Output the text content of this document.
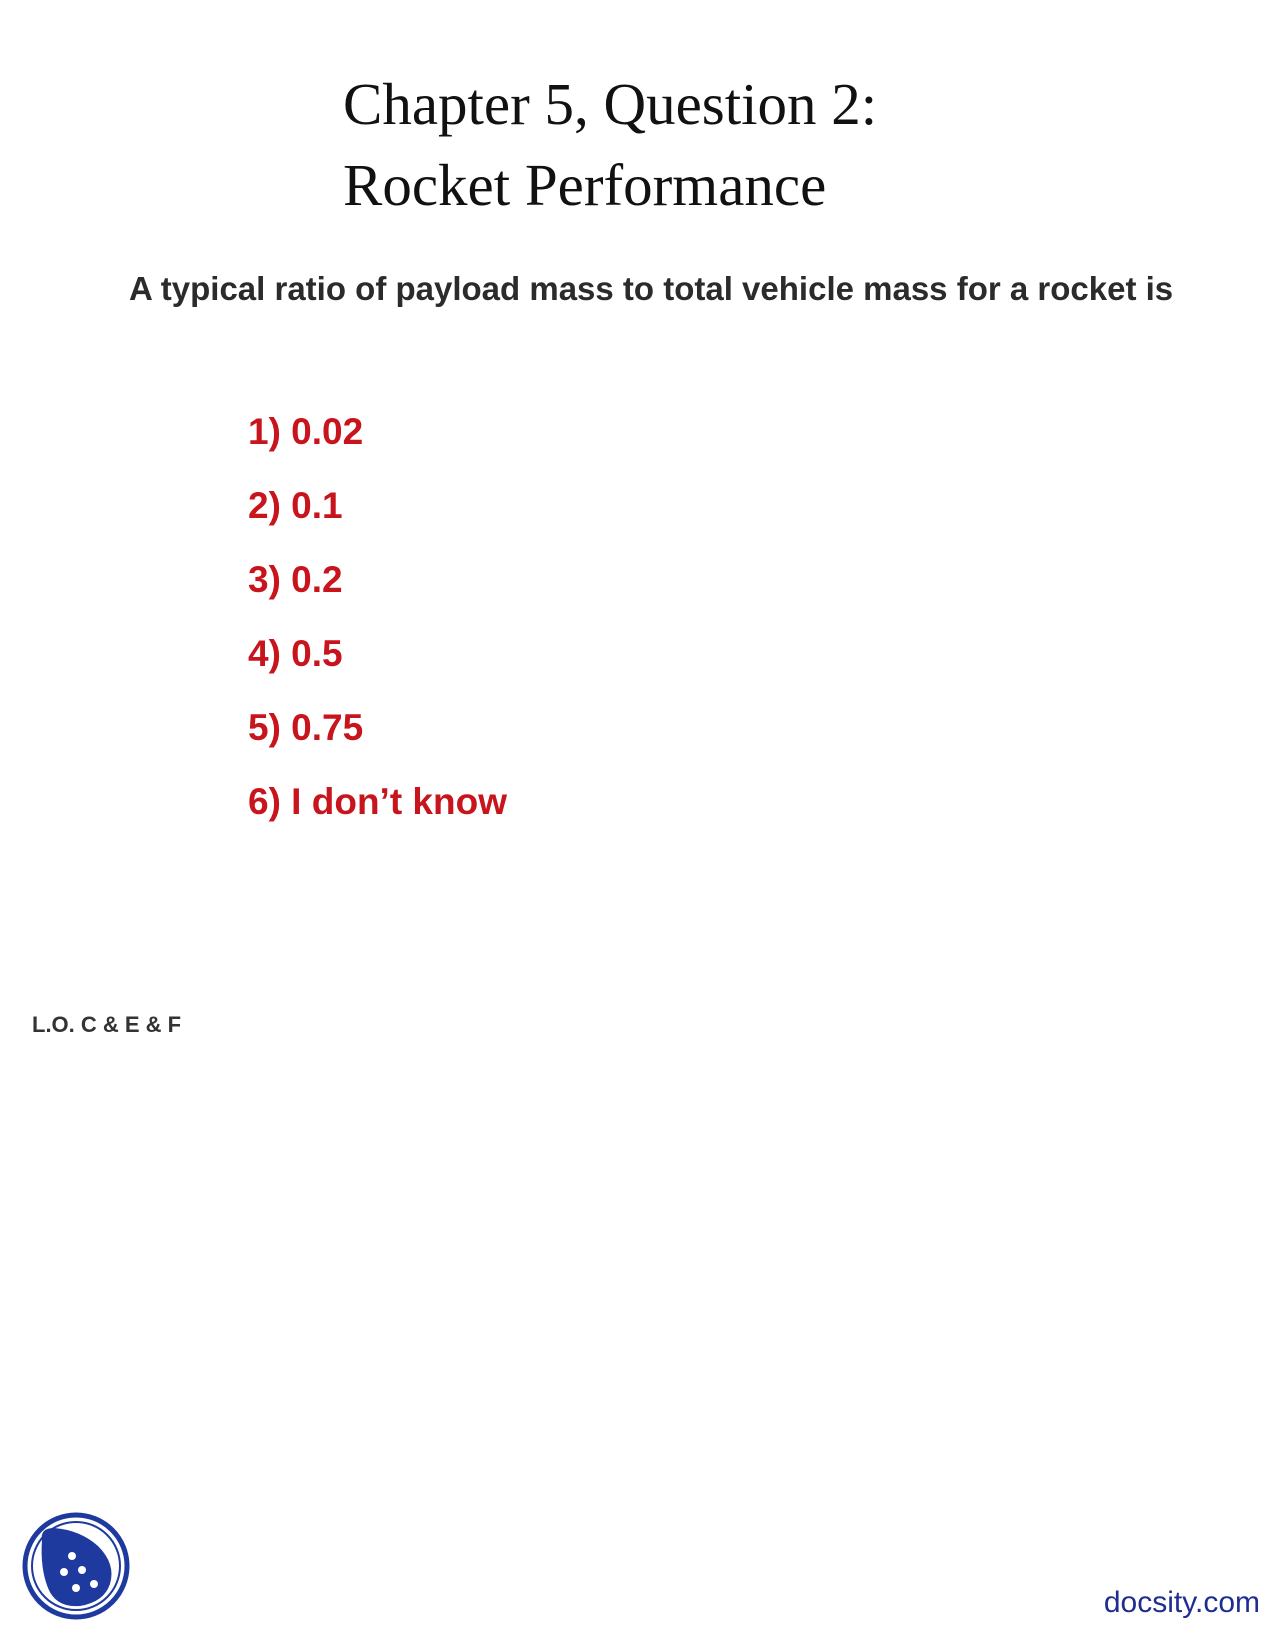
Chapter 5, Question 2:
Rocket Performance
A typical ratio of payload mass to total vehicle mass for a rocket is
1) 0.02
2) 0.1
3) 0.2
4) 0.5
5) 0.75
6) I don’t know
L.O. C & E & F
docsity.com
